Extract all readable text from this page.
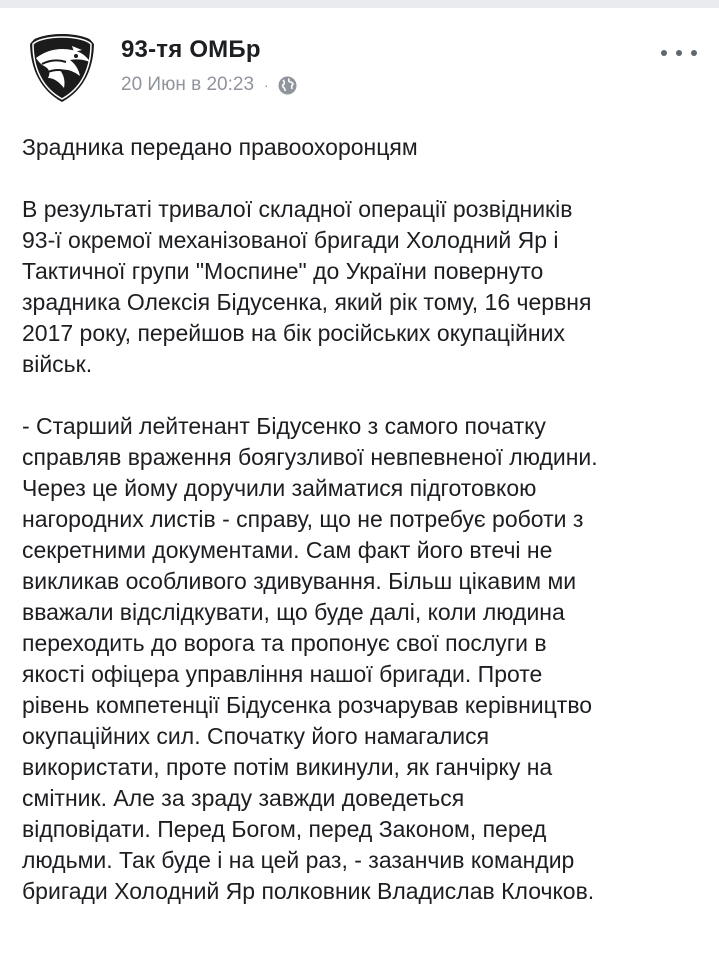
93-тя ОМБр
20 Июн в 20:23 ·

Зрадника передано правоохоронцям

В результаті тривалої складної операції розвідників
93-ї окремої механізованої бригади Холодний Яр і
Тактичної групи "Моспине" до України повернуто
зрадника Олексія Бідусенка, який рік тому, 16 червня
2017 року, перейшов на бік російських окупаційних
військ.

- Старший лейтенант Бідусенко з самого початку
справляв враження боягузливої невпевненої людини.
Через це йому доручили займатися підготовкою
нагородних листів - справу, що не потребує роботи з
секретними документами. Сам факт його втечі не
викликав особливого здивування. Більш цікавим ми
вважали відслідкувати, що буде далі, коли людина
переходить до ворога та пропонує свої послуги в
якості офіцера управління нашої бригади. Проте
рівень компетенції Бідусенка розчарував керівництво
окупаційних сил. Спочатку його намагалися
використати, проте потім викинули, як ганчірку на
смітник. Але за зраду завжди доведеться
відповідати. Перед Богом, перед Законом, перед
людьми. Так буде і на цей раз, - зазанчив командир
бригади Холодний Яр полковник Владислав Клочков.
